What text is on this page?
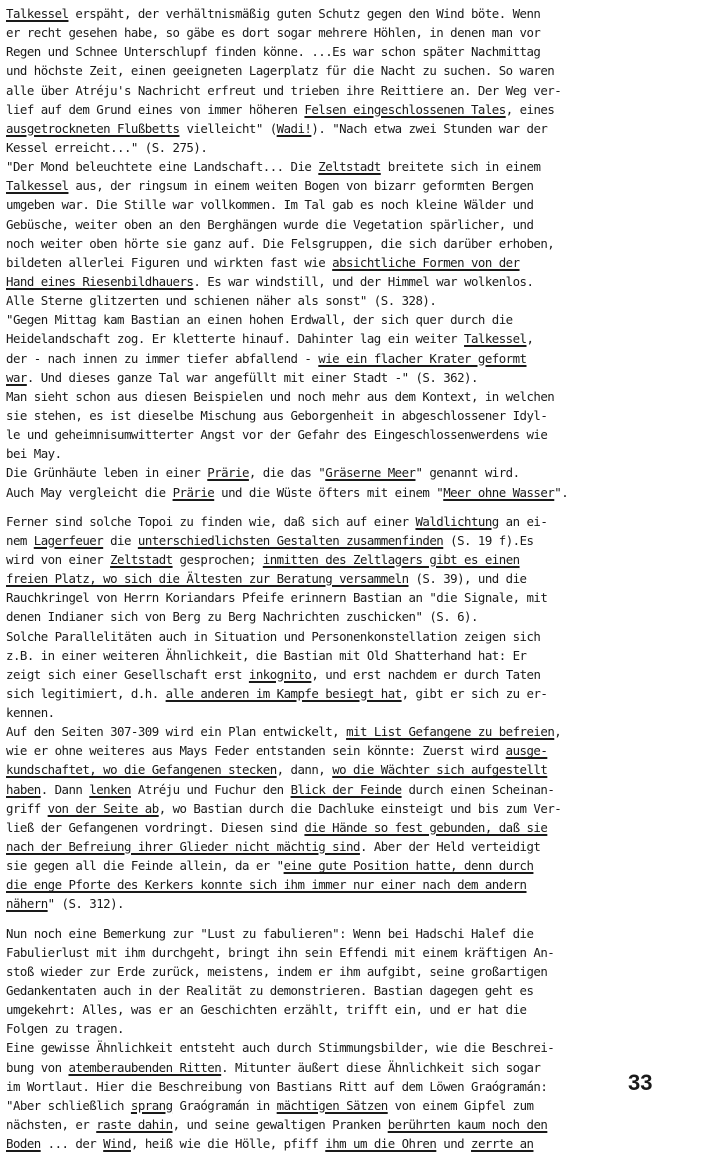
Talkessel erspäht, der verhältnismäßig guten Schutz gegen den Wind böte. Wenn
er recht gesehen habe, so gäbe es dort sogar mehrere Höhlen, in denen man vor
Regen und Schnee Unterschlupf finden könne. ...Es war schon später Nachmittag
und höchste Zeit, einen geeigneten Lagerplatz für die Nacht zu suchen. So waren
alle über Atréju's Nachricht erfreut und trieben ihre Reittiere an. Der Weg ver-
lief auf dem Grund eines von immer höheren Felsen eingeschlossenen Tales, eines
ausgetrockneten Flußbetts vielleicht" (Wadi!). "Nach etwa zwei Stunden war der
Kessel erreicht..." (S. 275).
"Der Mond beleuchtete eine Landschaft... Die Zeltstadt breitete sich in einem
Talkessel aus, der ringsum in einem weiten Bogen von bizarr geformten Bergen
umgeben war. Die Stille war vollkommen. Im Tal gab es noch kleine Wälder und
Gebüsche, weiter oben an den Berghängen wurde die Vegetation spärlicher, und
noch weiter oben hörte sie ganz auf. Die Felsgruppen, die sich darüber erhoben,
bildeten allerlei Figuren und wirkten fast wie absichtliche Formen von der
Hand eines Riesenbildhauers. Es war windstill, und der Himmel war wolkenlos.
Alle Sterne glitzerten und schienen näher als sonst" (S. 328).
"Gegen Mittag kam Bastian an einen hohen Erdwall, der sich quer durch die
Heidelandschaft zog. Er kletterte hinauf. Dahinter lag ein weiter Talkessel,
der - nach innen zu immer tiefer abfallend - wie ein flacher Krater geformt
war. Und dieses ganze Tal war angefüllt mit einer Stadt -" (S. 362).
Man sieht schon aus diesen Beispielen und noch mehr aus dem Kontext, in welchen
sie stehen, es ist dieselbe Mischung aus Geborgenheit in abgeschlossener Idyl-
le und geheimnisumwitterter Angst vor der Gefahr des Eingeschlossenwerdens wie
bei May.
Die Grünhäute leben in einer Prärie, die das "Gräserne Meer" genannt wird.
Auch May vergleicht die Prärie und die Wüste öfters mit einem "Meer ohne Wasser".
Ferner sind solche Topoi zu finden wie, daß sich auf einer Waldlichtung an ei-
nem Lagerfeuer die unterschiedlichsten Gestalten zusammenfinden (S. 19 f).Es
wird von einer Zeltstadt gesprochen; inmitten des Zeltlagers gibt es einen
freien Platz, wo sich die Ältesten zur Beratung versammeln (S. 39), und die
Rauchkringel von Herrn Koriandars Pfeife erinnern Bastian an "die Signale, mit
denen Indianer sich von Berg zu Berg Nachrichten zuschicken" (S. 6).
Solche Parallelitäten auch in Situation und Personenkonstellation zeigen sich
z.B. in einer weiteren Ähnlichkeit, die Bastian mit Old Shatterhand hat: Er
zeigt sich einer Gesellschaft erst inkognito, und erst nachdem er durch Taten
sich legitimiert, d.h. alle anderen im Kampfe besiegt hat, gibt er sich zu er-
kennen.
Auf den Seiten 307-309 wird ein Plan entwickelt, mit List Gefangene zu befreien,
wie er ohne weiteres aus Mays Feder entstanden sein könnte: Zuerst wird ausge-
kundschaftet, wo die Gefangenen stecken, dann, wo die Wächter sich aufgestellt
haben. Dann lenken Atréju und Fuchur den Blick der Feinde durch einen Scheinan-
griff von der Seite ab, wo Bastian durch die Dachluke einsteigt und bis zum Ver-
ließ der Gefangenen vordringt. Diesen sind die Hände so fest gebunden, daß sie
nach der Befreiung ihrer Glieder nicht mächtig sind. Aber der Held verteidigt
sie gegen all die Feinde allein, da er "eine gute Position hatte, denn durch
die enge Pforte des Kerkers konnte sich ihm immer nur einer nach dem andern
nähern" (S. 312).
Nun noch eine Bemerkung zur "Lust zu fabulieren": Wenn bei Hadschi Halef die
Fabulierlust mit ihm durchgeht, bringt ihn sein Effendi mit einem kräftigen An-
stoß wieder zur Erde zurück, meistens, indem er ihm aufgibt, seine großartigen
Gedankentaten auch in der Realität zu demonstrieren. Bastian dagegen geht es
umgekehrt: Alles, was er an Geschichten erzählt, trifft ein, und er hat die
Folgen zu tragen.
Eine gewisse Ähnlichkeit entsteht auch durch Stimmungsbilder, wie die Beschrei-
bung von atemberaubenden Ritten. Mitunter äußert diese Ähnlichkeit sich sogar
im Wortlaut. Hier die Beschreibung von Bastians Ritt auf dem Löwen Graógramán:
"Aber schließlich sprang Graógramán in mächtigen Sätzen von einem Gipfel zum
nächsten, er raste dahin, und seine gewaltigen Pranken berührten kaum noch den
Boden ... der Wind, heiß wie die Hölle, pfiff ihm um die Ohren und zerrte an
33
